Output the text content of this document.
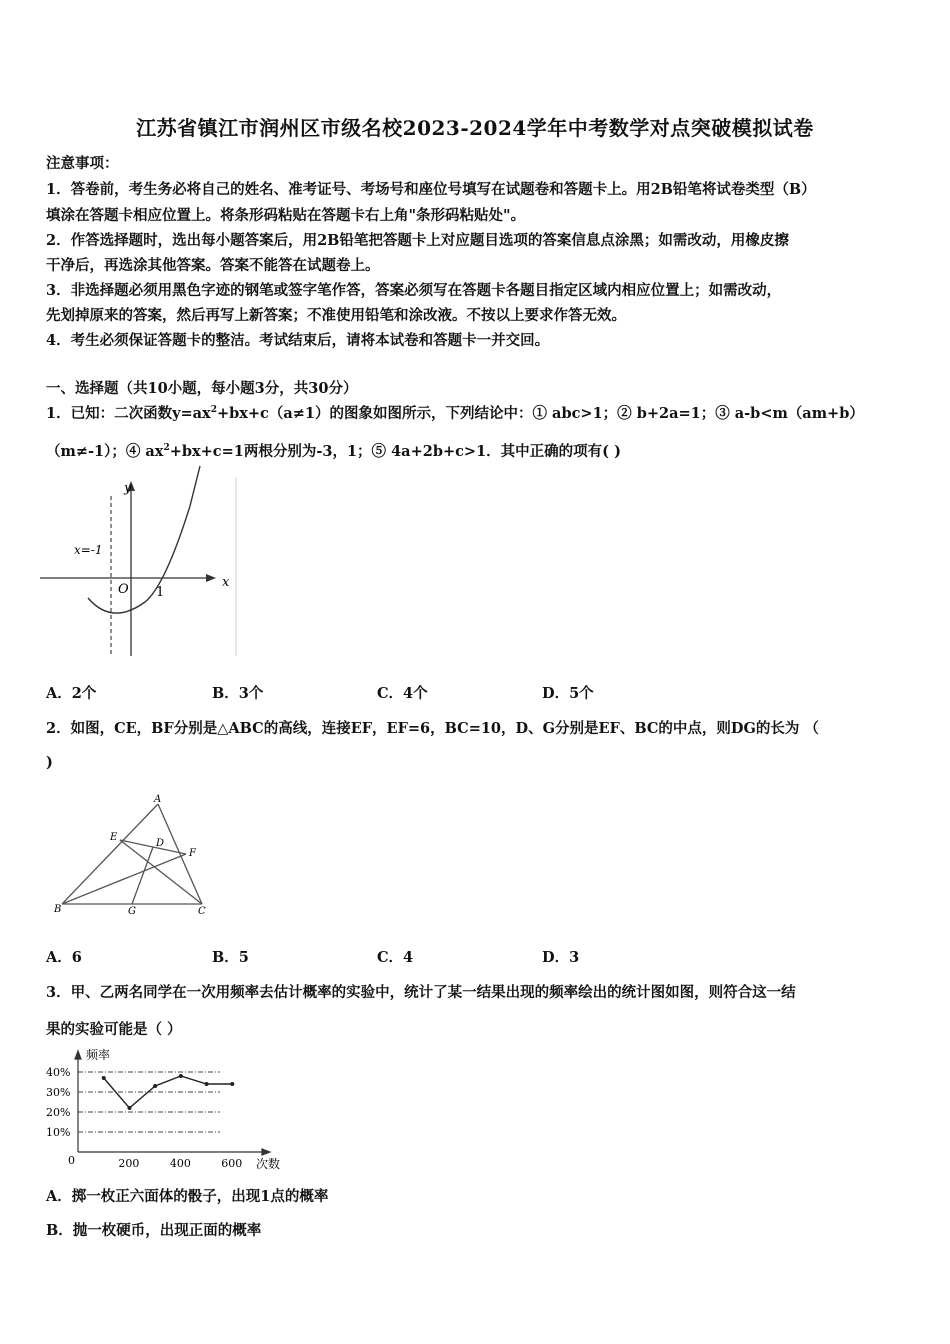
江苏省镇江市润州区市级名校2023-2024学年中考数学对点突破模拟试卷
注意事项：
1．答卷前，考生务必将自己的姓名、准考证号、考场号和座位号填写在试题卷和答题卡上。用2B铅笔将试卷类型（B）
填涂在答题卡相应位置上。将条形码粘贴在答题卡右上角"条形码粘贴处"。
2．作答选择题时，选出每小题答案后，用2B铅笔把答题卡上对应题目选项的答案信息点涂黑；如需改动，用橡皮擦
干净后，再选涂其他答案。答案不能答在试题卷上。
3．非选择题必须用黑色字迹的钢笔或签字笔作答，答案必须写在答题卡各题目指定区域内相应位置上；如需改动，
先划掉原来的答案，然后再写上新答案；不准使用铅笔和涂改液。不按以上要求作答无效。
4．考生必须保证答题卡的整洁。考试结束后，请将本试卷和答题卡一并交回。
一、选择题（共10小题，每小题3分，共30分）
1．已知：二次函数$y=ax^2+bx+c(a\ne 1)$的图象如图所示，下列结论中：① abc>1；② b+2a=1；③ a-b<m（am+b）
（m≠-1）；④ $ax^2+bx+c=1$两根分别为-3，1；⑤ 4a+2b+c>1．其中正确的项有( )
y
x
O 1
x=-1
A．2个	B．3个	C．4个	D．5个
2．如图，CE，BF分别是△ABC的高线，连接EF，EF=6，BC=10，D、G分别是EF、BC的中点，则DG的长为 （
)
A
E
D
F
B	G	C
A．6	B．5	C．4	D．3
3．甲、乙两名同学在一次用频率去估计概率的实验中，统计了某一结果出现的频率绘出的统计图如图，则符合这一结
果的实验可能是（ ）
10%
20%
30%
40%
200	400	600
0
频率
次数
A．掷一枚正六面体的骰子，出现1点的概率
B．抛一枚硬币，出现正面的概率
